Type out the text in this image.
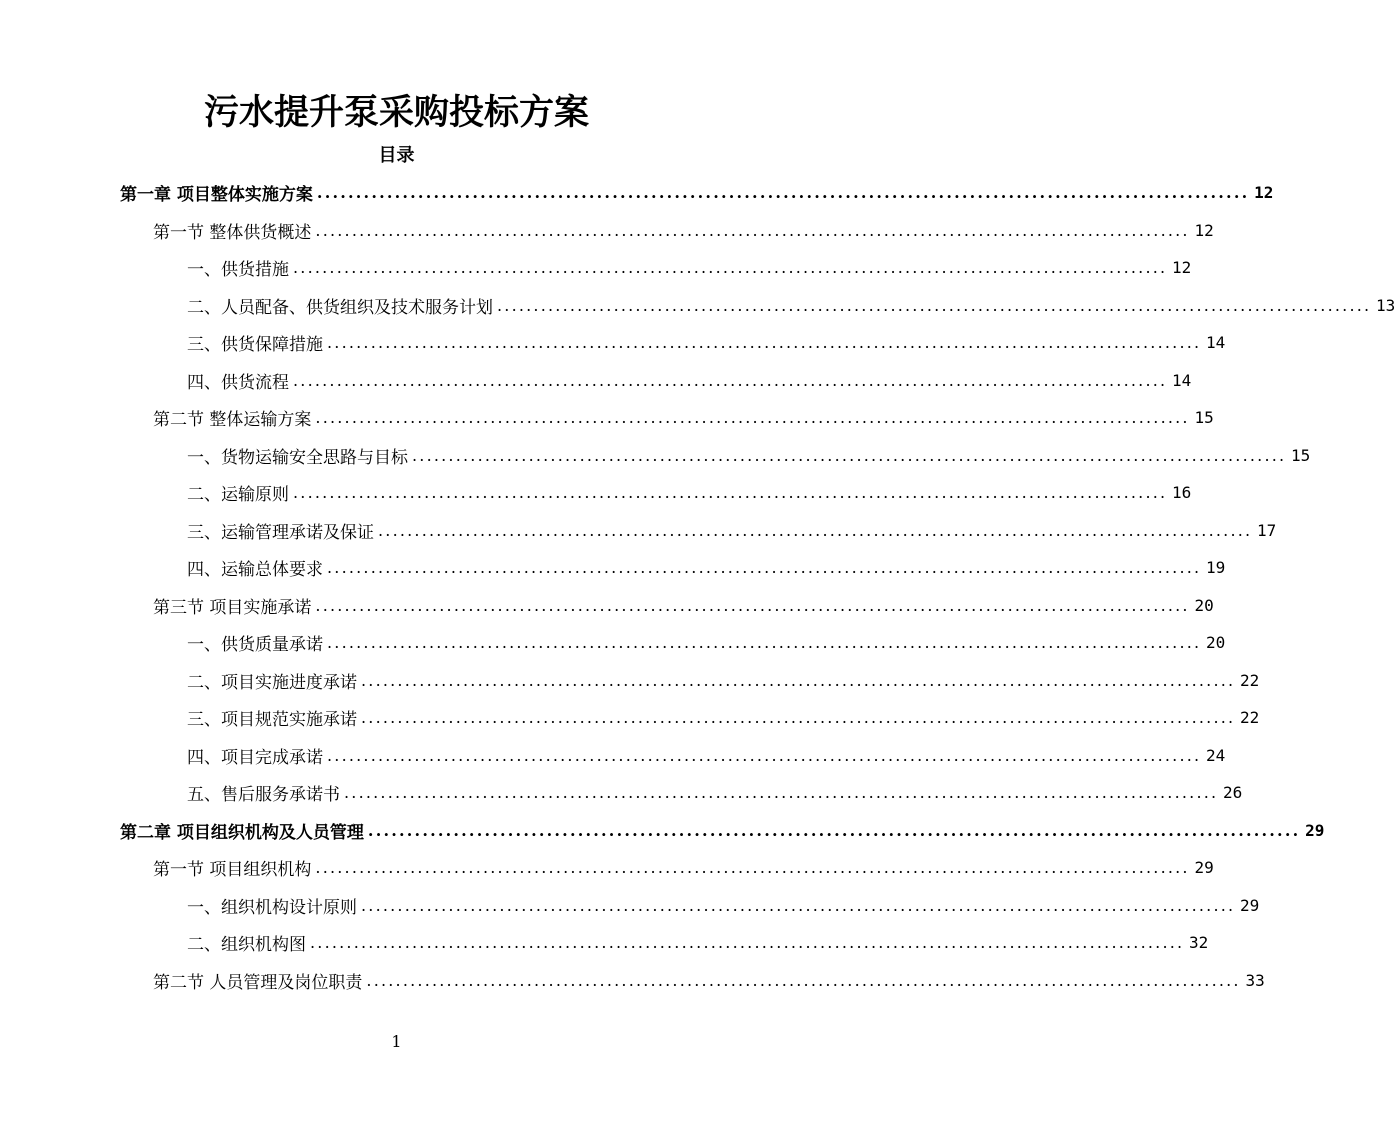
污水提升泵采购投标方案
目录
第一章 项目整体实施方案 ........................................................................................................................ 12
第一节 整体供货概述 ........................................................................................................................ 12
一、供货措施 ........................................................................................................................ 12
二、人员配备、供货组织及技术服务计划 ........................................................................................................................ 13
三、供货保障措施 ........................................................................................................................ 14
四、供货流程 ........................................................................................................................ 14
第二节 整体运输方案 ........................................................................................................................ 15
一、货物运输安全思路与目标 ........................................................................................................................ 15
二、运输原则 ........................................................................................................................ 16
三、运输管理承诺及保证 ........................................................................................................................ 17
四、运输总体要求 ........................................................................................................................ 19
第三节 项目实施承诺 ........................................................................................................................ 20
一、供货质量承诺 ........................................................................................................................ 20
二、项目实施进度承诺 ........................................................................................................................ 22
三、项目规范实施承诺 ........................................................................................................................ 22
四、项目完成承诺 ........................................................................................................................ 24
五、售后服务承诺书 ........................................................................................................................ 26
第二章 项目组织机构及人员管理 ........................................................................................................................ 29
第一节 项目组织机构 ........................................................................................................................ 29
一、组织机构设计原则 ........................................................................................................................ 29
二、组织机构图 ........................................................................................................................ 32
第二节 人员管理及岗位职责 ........................................................................................................................ 33
1
